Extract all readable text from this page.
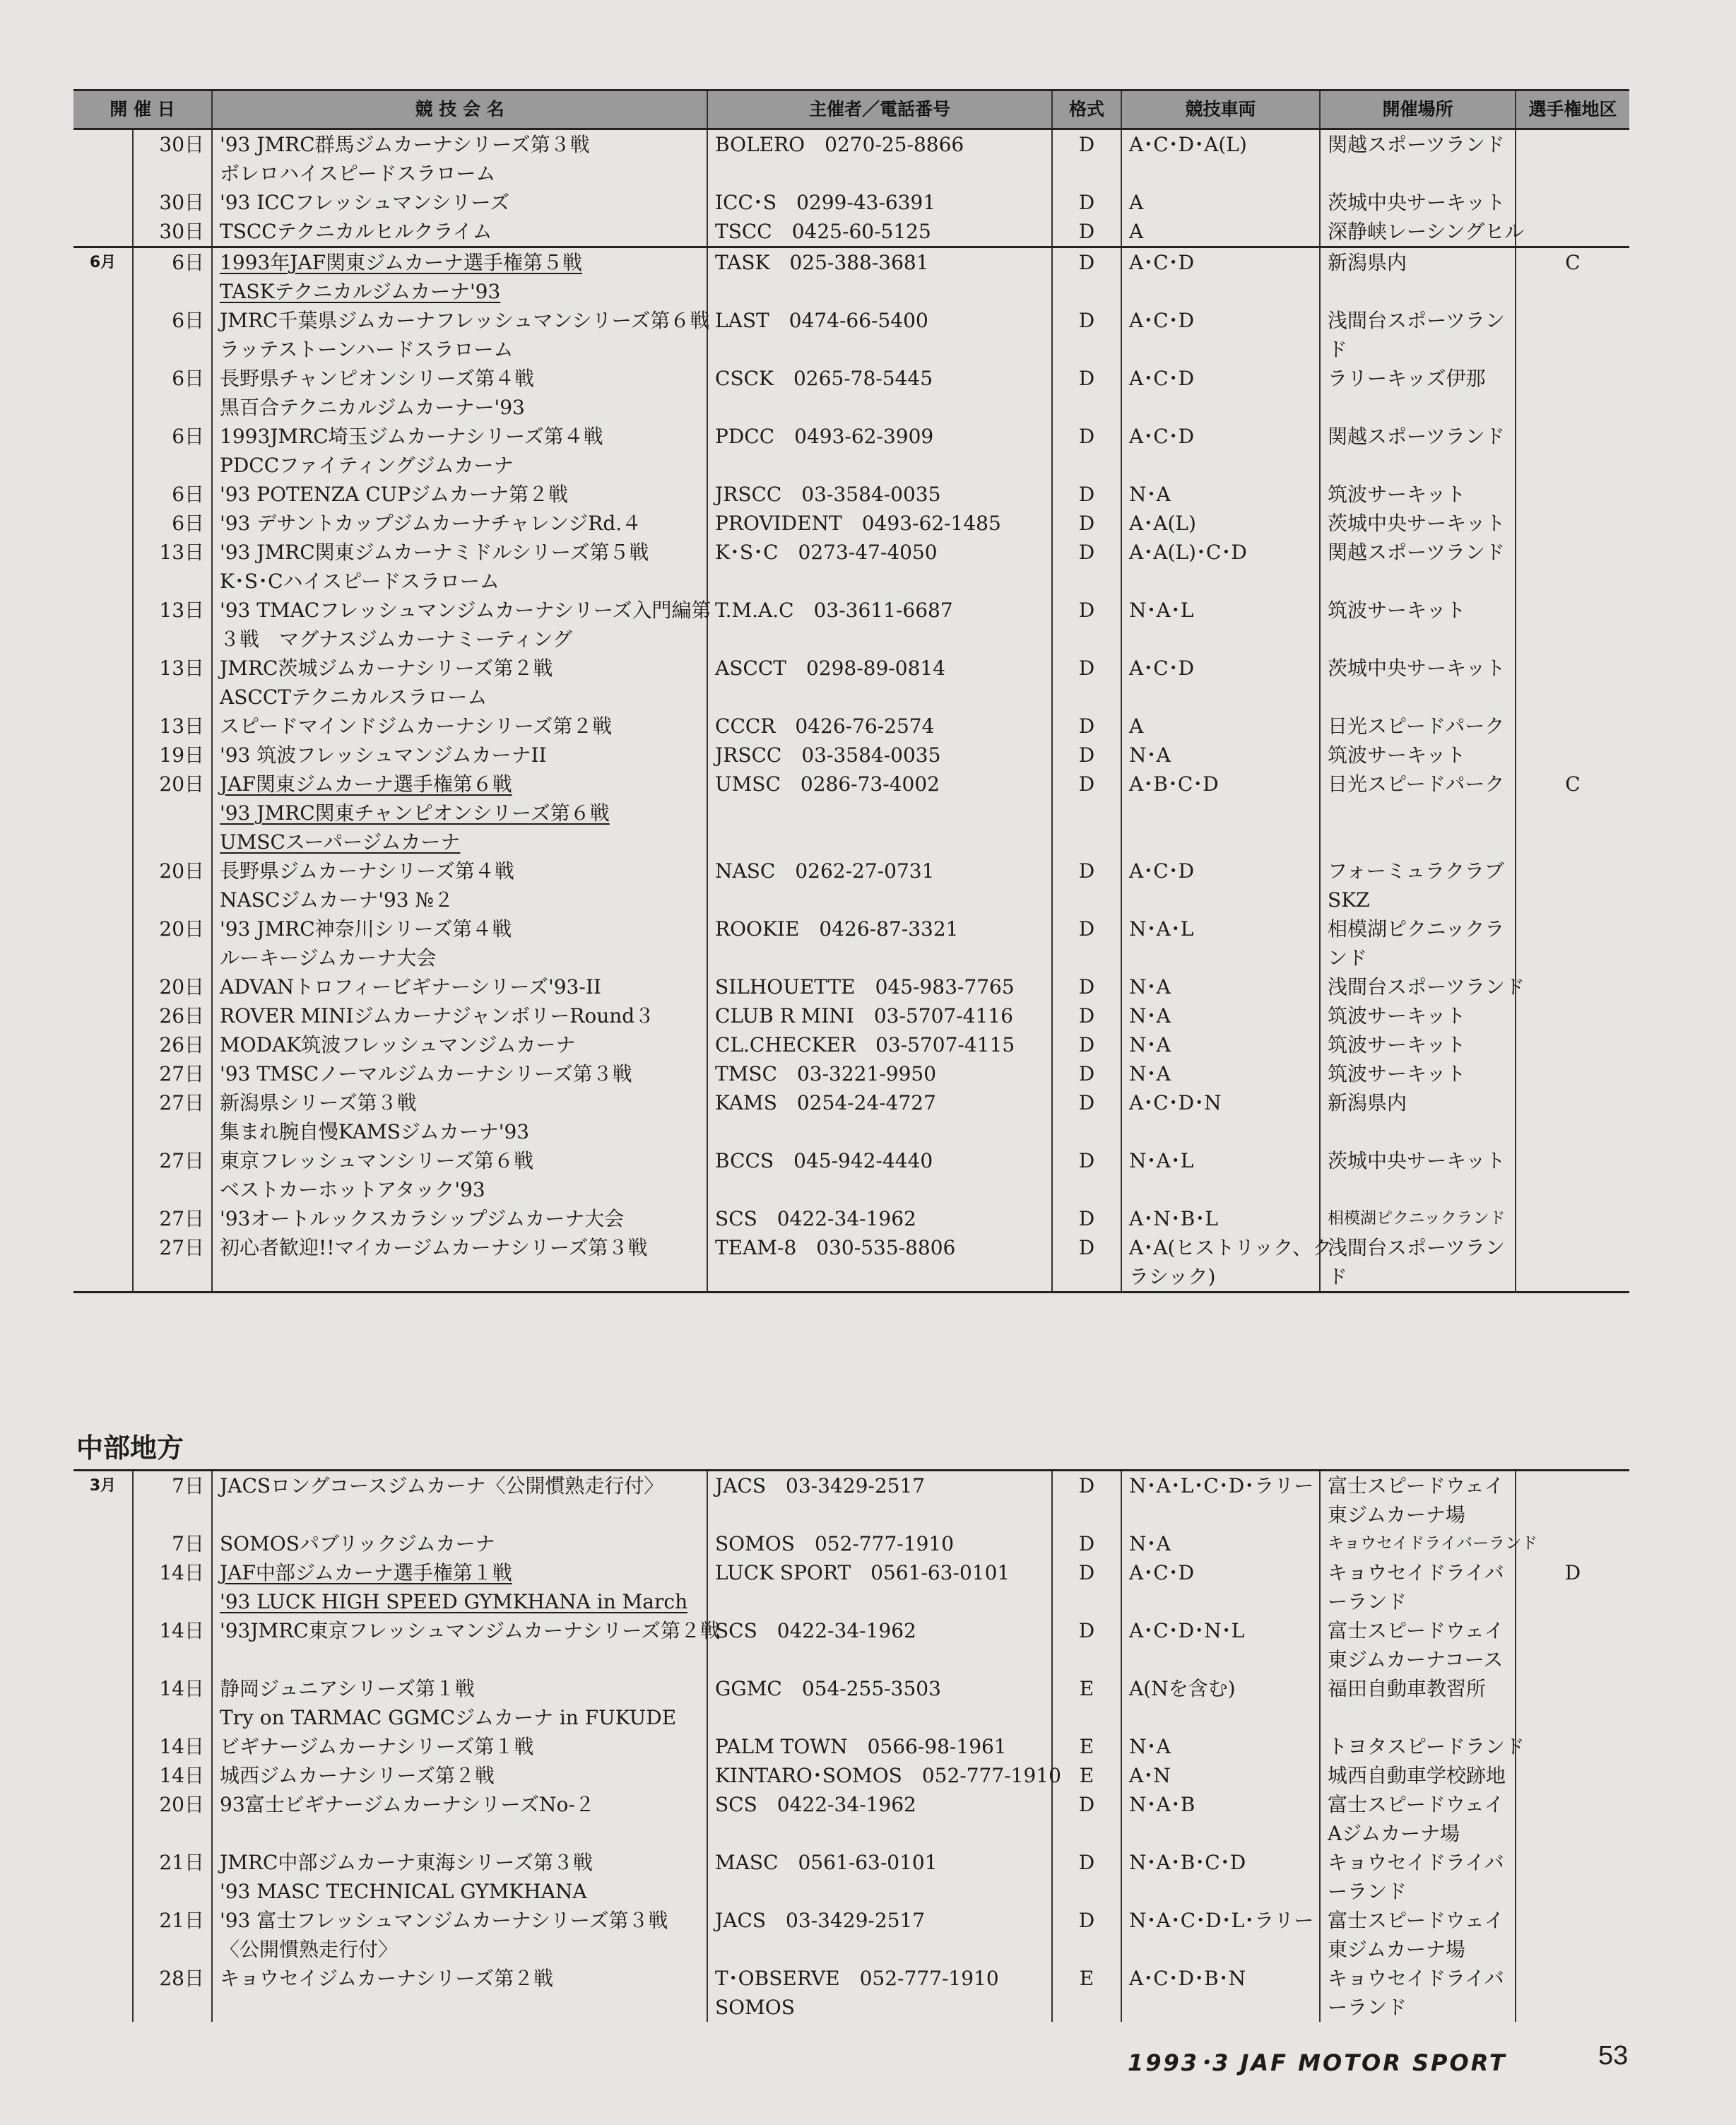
開 催 日		競 技 会 名	主催者／電話番号	格式	競技車両	開催場所	選手権地区
	30日	'93 JMRC群馬ジムカーナシリーズ第３戦
ボレロハイスピードスラローム	BOLERO　0270-25-8866	D	A･C･D･A(L)	関越スポーツランド	

	30日	'93 ICCフレッシュマンシリーズ	ICC･S　0299-43-6391	D	A	茨城中央サーキット	

	30日	TSCCテクニカルヒルクライム	TSCC　0425-60-5125	D	A	深静峡レーシングヒル	

6月	6日	1993年JAF関東ジムカーナ選手権第５戦
TASKテクニカルジムカーナ'93	TASK　025-388-3681	D	A･C･D	新潟県内	C
	6日	JMRC千葉県ジムカーナフレッシュマンシリーズ第６戦
ラッテストーンハードスラローム	LAST　0474-66-5400	D	A･C･D	浅間台スポーツラン
ド	

	6日	長野県チャンピオンシリーズ第４戦
黒百合テクニカルジムカーナー'93	CSCK　0265-78-5445	D	A･C･D	ラリーキッズ伊那	

	6日	1993JMRC埼玉ジムカーナシリーズ第４戦
PDCCファイティングジムカーナ	PDCC　0493-62-3909	D	A･C･D	関越スポーツランド	

	6日	'93 POTENZA CUPジムカーナ第２戦	JRSCC　03-3584-0035	D	N･A	筑波サーキット	

	6日	'93 デサントカップジムカーナチャレンジRd.４	PROVIDENT　0493-62-1485	D	A･A(L)	茨城中央サーキット	

	13日	'93 JMRC関東ジムカーナミドルシリーズ第５戦
K･S･Cハイスピードスラローム	K･S･C　0273-47-4050	D	A･A(L)･C･D	関越スポーツランド	

	13日	'93 TMACフレッシュマンジムカーナシリーズ入門編第
３戦　マグナスジムカーナミーティング	T.M.A.C　03-3611-6687	D	N･A･L	筑波サーキット	

	13日	JMRC茨城ジムカーナシリーズ第２戦
ASCCTテクニカルスラローム	ASCCT　0298-89-0814	D	A･C･D	茨城中央サーキット	

	13日	スピードマインドジムカーナシリーズ第２戦	CCCR　0426-76-2574	D	A	日光スピードパーク	

	19日	'93 筑波フレッシュマンジムカーナII	JRSCC　03-3584-0035	D	N･A	筑波サーキット	

	20日	JAF関東ジムカーナ選手権第６戦
'93 JMRC関東チャンピオンシリーズ第６戦
UMSCスーパージムカーナ	UMSC　0286-73-4002	D	A･B･C･D	日光スピードパーク	C
	20日	長野県ジムカーナシリーズ第４戦
NASCジムカーナ'93 №２	NASC　0262-27-0731	D	A･C･D	フォーミュラクラブ
SKZ	

	20日	'93 JMRC神奈川シリーズ第４戦
ルーキージムカーナ大会	ROOKIE　0426-87-3321	D	N･A･L	相模湖ピクニックラ
ンド	

	20日	ADVANトロフィービギナーシリーズ'93-II	SILHOUETTE　045-983-7765	D	N･A	浅間台スポーツランド	

	26日	ROVER MINIジムカーナジャンボリーRound３	CLUB R MINI　03-5707-4116	D	N･A	筑波サーキット	

	26日	MODAK筑波フレッシュマンジムカーナ	CL.CHECKER　03-5707-4115	D	N･A	筑波サーキット	

	27日	'93 TMSCノーマルジムカーナシリーズ第３戦	TMSC　03-3221-9950	D	N･A	筑波サーキット	

	27日	新潟県シリーズ第３戦
集まれ腕自慢KAMSジムカーナ'93	KAMS　0254-24-4727	D	A･C･D･N	新潟県内	

	27日	東京フレッシュマンシリーズ第６戦
ベストカーホットアタック'93	BCCS　045-942-4440	D	N･A･L	茨城中央サーキット	

	27日	'93オートルックスカラシップジムカーナ大会	SCS　0422-34-1962	D	A･N･B･L	相模湖ピクニックランド	

	27日	初心者歓迎!!マイカージムカーナシリーズ第３戦	TEAM-8　030-535-8806	D	A･A(ヒストリック、ク
ラシック)	浅間台スポーツラン
ド	

中部地方
3月	7日	JACSロングコースジムカーナ〈公開慣熟走行付〉	JACS　03-3429-2517	D	N･A･L･C･D･ラリー	富士スピードウェイ
東ジムカーナ場	

	7日	SOMOSパブリックジムカーナ	SOMOS　052-777-1910	D	N･A	キョウセイドライバーランド	

	14日	JAF中部ジムカーナ選手権第１戦
'93 LUCK HIGH SPEED GYMKHANA in March	LUCK SPORT　0561-63-0101	D	A･C･D	キョウセイドライバ
ーランド	D
	14日	'93JMRC東京フレッシュマンジムカーナシリーズ第２戦	SCS　0422-34-1962	D	A･C･D･N･L	富士スピードウェイ
東ジムカーナコース	

	14日	静岡ジュニアシリーズ第１戦
Try on TARMAC GGMCジムカーナ in FUKUDE	GGMC　054-255-3503	E	A(Nを含む)	福田自動車教習所	

	14日	ビギナージムカーナシリーズ第１戦	PALM TOWN　0566-98-1961	E	N･A	トヨタスピードランド	

	14日	城西ジムカーナシリーズ第２戦	KINTARO･SOMOS　052-777-1910	E	A･N	城西自動車学校跡地	

	20日	93富士ビギナージムカーナシリーズNo-２	SCS　0422-34-1962	D	N･A･B	富士スピードウェイ
Aジムカーナ場	

	21日	JMRC中部ジムカーナ東海シリーズ第３戦
'93 MASC TECHNICAL GYMKHANA	MASC　0561-63-0101	D	N･A･B･C･D	キョウセイドライバ
ーランド	

	21日	'93 富士フレッシュマンジムカーナシリーズ第３戦
〈公開慣熟走行付〉	JACS　03-3429-2517	D	N･A･C･D･L･ラリー	富士スピードウェイ
東ジムカーナ場	

	28日	キョウセイジムカーナシリーズ第２戦	T･OBSERVE　052-777-1910
SOMOS	E	A･C･D･B･N	キョウセイドライバ
ーランド	

1993･3 JAF MOTOR SPORT	53
